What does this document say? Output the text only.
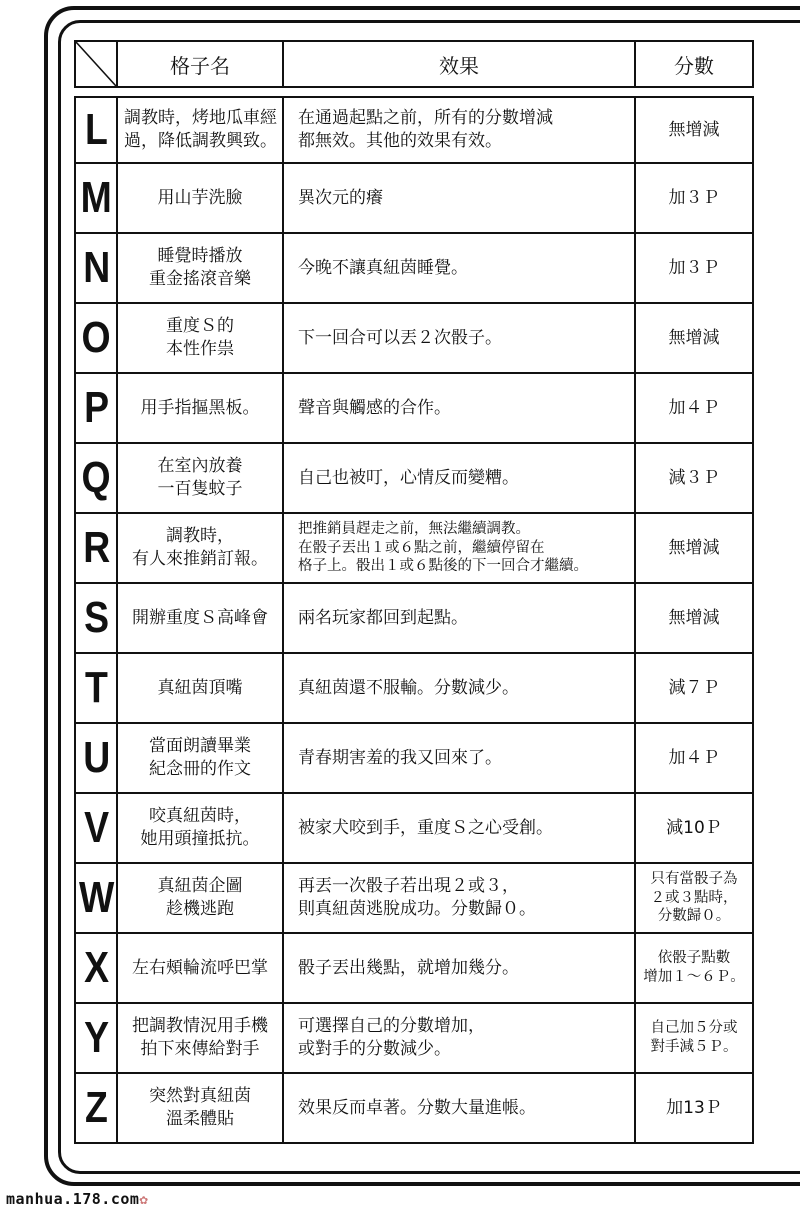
	格子名	效果	分數

L	調教時，烤地瓜車經
過，降低調教興致。	在通過起點之前，所有的分數增減
都無效。其他的效果有效。	無增減

M	用山芋洗臉	異次元的癢	加３Ｐ

N	睡覺時播放
重金搖滾音樂	今晚不讓真紐茵睡覺。	加３Ｐ

O	重度Ｓ的
本性作祟	下一回合可以丟２次骰子。	無增減

P	用手指摳黑板。	聲音與觸感的合作。	加４Ｐ

Q	在室內放養
一百隻蚊子	自己也被叮，心情反而變糟。	減３Ｐ

R	調教時，
有人來推銷訂報。	把推銷員趕走之前，無法繼續調教。
在骰子丟出１或６點之前，繼續停留在
格子上。骰出１或６點後的下一回合才繼續。	無增減

S	開辦重度Ｓ高峰會	兩名玩家都回到起點。	無增減

T	真紐茵頂嘴	真紐茵還不服輸。分數減少。	減７Ｐ

U	當面朗讀畢業
紀念冊的作文	青春期害羞的我又回來了。	加４Ｐ

V	咬真紐茵時，
她用頭撞抵抗。	被家犬咬到手，重度Ｓ之心受創。	減10Ｐ

W	真紐茵企圖
趁機逃跑	再丟一次骰子若出現２或３，
則真紐茵逃脫成功。分數歸０。	只有當骰子為
２或３點時，
分數歸０。

X	左右頰輪流呼巴掌	骰子丟出幾點，就增加幾分。	依骰子點數
增加１～６Ｐ。

Y	把調教情況用手機
拍下來傳給對手	可選擇自己的分數增加，
或對手的分數減少。	自己加５分或
對手減５Ｐ。

Z	突然對真紐茵
溫柔體貼	效果反而卓著。分數大量進帳。	加13Ｐ
manhua.178.com✿
